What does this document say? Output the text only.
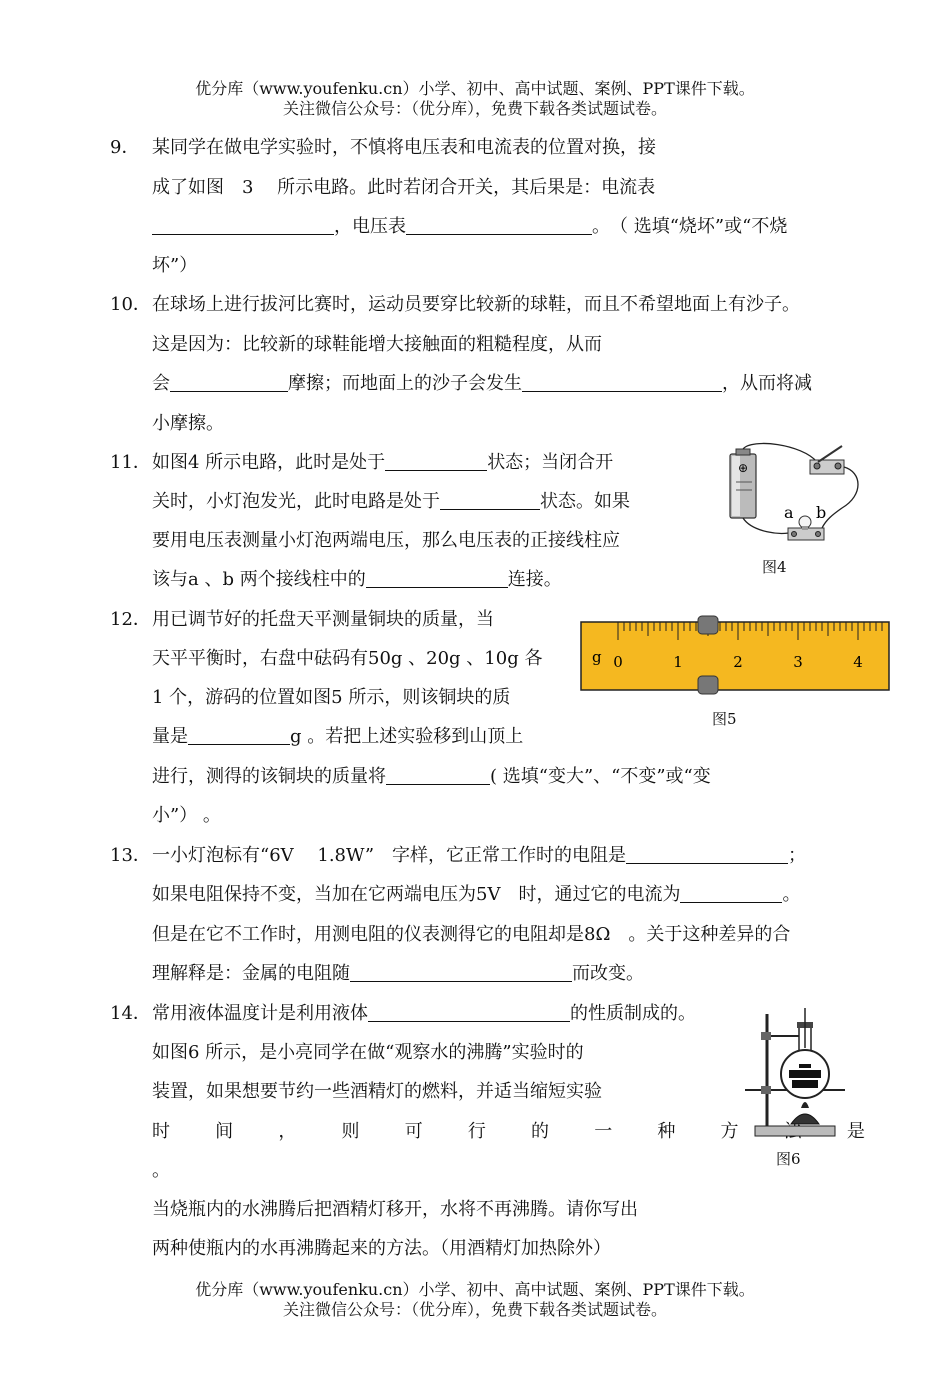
优分库（www.youfenku.cn）小学、初中、高中试题、案例、PPT课件下载。
关注微信公众号：（优分库），免费下载各类试题试卷。
9． 某同学在做电学实验时，不慎将电压表和电流表的位置对换，接
成了如图　3　 所示电路。此时若闭合开关，其后果是：电流表
，电压表	。　（ 选填“烧坏”或“不烧
坏”）
10． 在球场上进行拔河比赛时，运动员要穿比较新的球鞋，而且不希望地面上有沙子。
这是因为：比较新的球鞋能增大接触面的粗糙程度，从而
会	摩擦；而地面上的沙子会发生	，从而将减
小摩擦。
11． 如图4 所示电路，此时是处于	状态；当闭合开
关时，小灯泡发光，此时电路是处于	状态。如果
要用电压表测量小灯泡两端电压，那么电压表的正接线柱应
该与a 、b 两个接线柱中的	连接。
⊕
a b
图4
12． 用已调节好的托盘天平测量铜块的质量，当
天平平衡时，右盘中砝码有50g 、20g 、10g 各
1 个，游码的位置如图5 所示，则该铜块的质
量是	g 。若把上述实验移到山顶上
进行，测得的该铜块的质量将	( 选填“变大”、“不变”或“变
小”） 。
0	1	2	3	4
g
图5
13． 一小灯泡标有“6V　 1.8W”　字样，它正常工作时的电阻是	；
如果电阻保持不变，当加在它两端电压为5V　时，通过它的电流为	。
但是在它不工作时，用测电阻的仪表测得它的电阻却是8Ω　。关于这种差异的合
理解释是：金属的电阻随	而改变。
14． 常用液体温度计是利用液体	的性质制成的。
如图6 所示，是小亮同学在做“观察水的沸腾”实验时的
装置，如果想要节约一些酒精灯的燃料，并适当缩短实验
时	间	，	则	可	行	的	一	种	方	是
。
当烧瓶内的水沸腾后把酒精灯移开，水将不再沸腾。请你写出
两种使瓶内的水再沸腾起来的方法。（用酒精灯加热除外）
图6
优分库（www.youfenku.cn）小学、初中、高中试题、案例、PPT课件下载。
关注微信公众号：（优分库），免费下载各类试题试卷。
